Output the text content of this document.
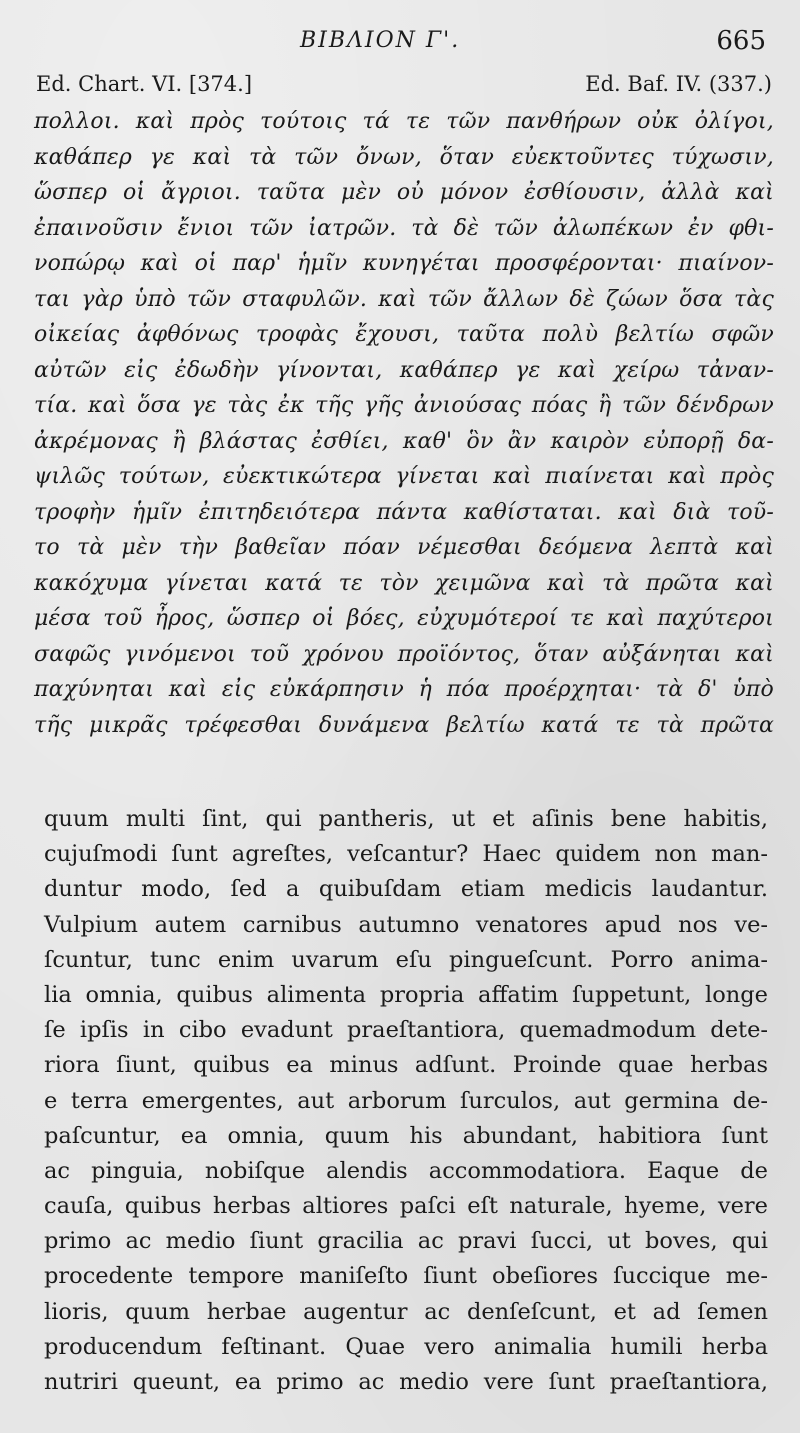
ΒΙΒΛΙΟΝ Γ'.	665
Ed. Chart. VI. [374.]	Ed. Baf. IV. (337.)
πολλοι. καὶ πρὸς τούτοις τά τε τῶν πανθήρων οὐκ ὀλίγοι,
καθάπερ γε καὶ τὰ τῶν ὄνων, ὅταν εὐεκτοῦντες τύχωσιν,
ὥσπερ οἱ ἄγριοι. ταῦτα μὲν οὐ μόνον ἐσθίουσιν, ἀλλὰ καὶ
ἐπαινοῦσιν ἔνιοι τῶν ἰατρῶν. τὰ δὲ τῶν ἀλωπέκων ἐν φθι-
νοπώρῳ καὶ οἱ παρ' ἡμῖν κυνηγέται προσφέρονται· πιαίνον-
ται γὰρ ὑπὸ τῶν σταφυλῶν. καὶ τῶν ἄλλων δὲ ζώων ὅσα τὰς
οἰκείας ἀφθόνως τροφὰς ἔχουσι, ταῦτα πολὺ βελτίω σφῶν
αὐτῶν εἰς ἐδωδὴν γίνονται, καθάπερ γε καὶ χείρω τἀναν-
τία. καὶ ὅσα γε τὰς ἐκ τῆς γῆς ἀνιούσας πόας ἢ τῶν δένδρων
ἀκρέμονας ἢ βλάστας ἐσθίει, καθ' ὃν ἂν καιρὸν εὐπορῇ δα-
ψιλῶς τούτων, εὐεκτικώτερα γίνεται καὶ πιαίνεται καὶ πρὸς
τροφὴν ἡμῖν ἐπιτηδειότερα πάντα καθίσταται. καὶ διὰ τοῦ-
το τὰ μὲν τὴν βαθεῖαν πόαν νέμεσθαι δεόμενα λεπτὰ καὶ
κακόχυμα γίνεται κατά τε τὸν χειμῶνα καὶ τὰ πρῶτα καὶ
μέσα τοῦ ἦρος, ὥσπερ οἱ βόες, εὐχυμότεροί τε καὶ παχύτεροι
σαφῶς γινόμενοι τοῦ χρόνου προϊόντος, ὅταν αὐξάνηται καὶ
παχύνηται καὶ εἰς εὐκάρπησιν ἡ πόα προέρχηται· τὰ δ' ὑπὸ
τῆς μικρᾶς τρέφεσθαι δυνάμενα βελτίω κατά τε τὰ πρῶτα
quum multi ſint, qui pantheris, ut et aſinis bene habitis,
cujuſmodi ſunt agreſtes, veſcantur? Haec quidem non man-
duntur modo, ſed a quibuſdam etiam medicis laudantur.
Vulpium autem carnibus autumno venatores apud nos ve-
ſcuntur, tunc enim uvarum eſu pingueſcunt. Porro anima-
lia omnia, quibus alimenta propria affatim ſuppetunt, longe
ſe ipſis in cibo evadunt praeſtantiora, quemadmodum dete-
riora ſiunt, quibus ea minus adſunt. Proinde quae herbas
e terra emergentes, aut arborum ſurculos, aut germina de-
paſcuntur, ea omnia, quum his abundant, habitiora ſunt
ac pinguia, nobiſque alendis accommodatiora. Eaque de
cauſa, quibus herbas altiores paſci eſt naturale, hyeme, vere
primo ac medio ſiunt gracilia ac pravi ſucci, ut boves, qui
procedente tempore maniſeſto ſiunt obeſiores ſuccique me-
lioris, quum herbae augentur ac denſeſcunt, et ad ſemen
producendum feſtinant. Quae vero animalia humili herba
nutriri queunt, ea primo ac medio vere ſunt praeſtantiora,
